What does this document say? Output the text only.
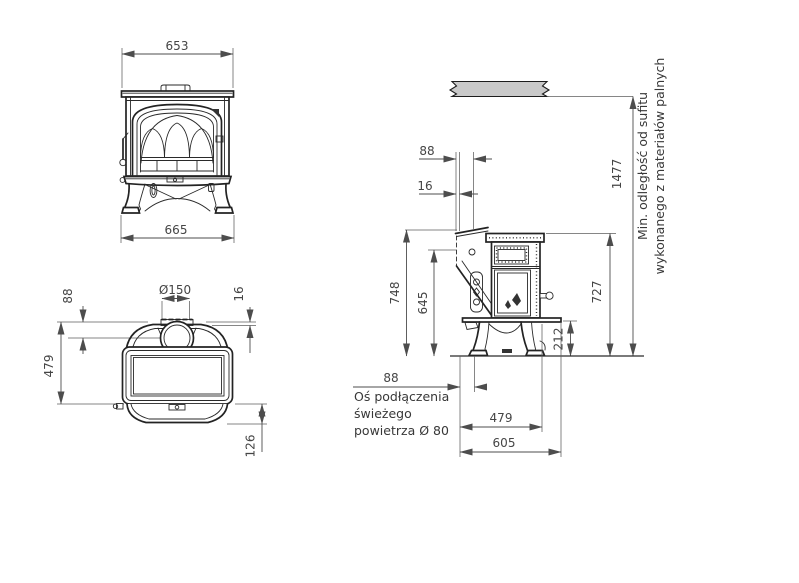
653
665
88
479
Ø150	16
126
1477 Min. odległość od sufitu wykonanego z materiałów palnych
88
16
748 645	727
212
88
Oś podłączenia
świeżego
powietrza Ø 80
479
605
